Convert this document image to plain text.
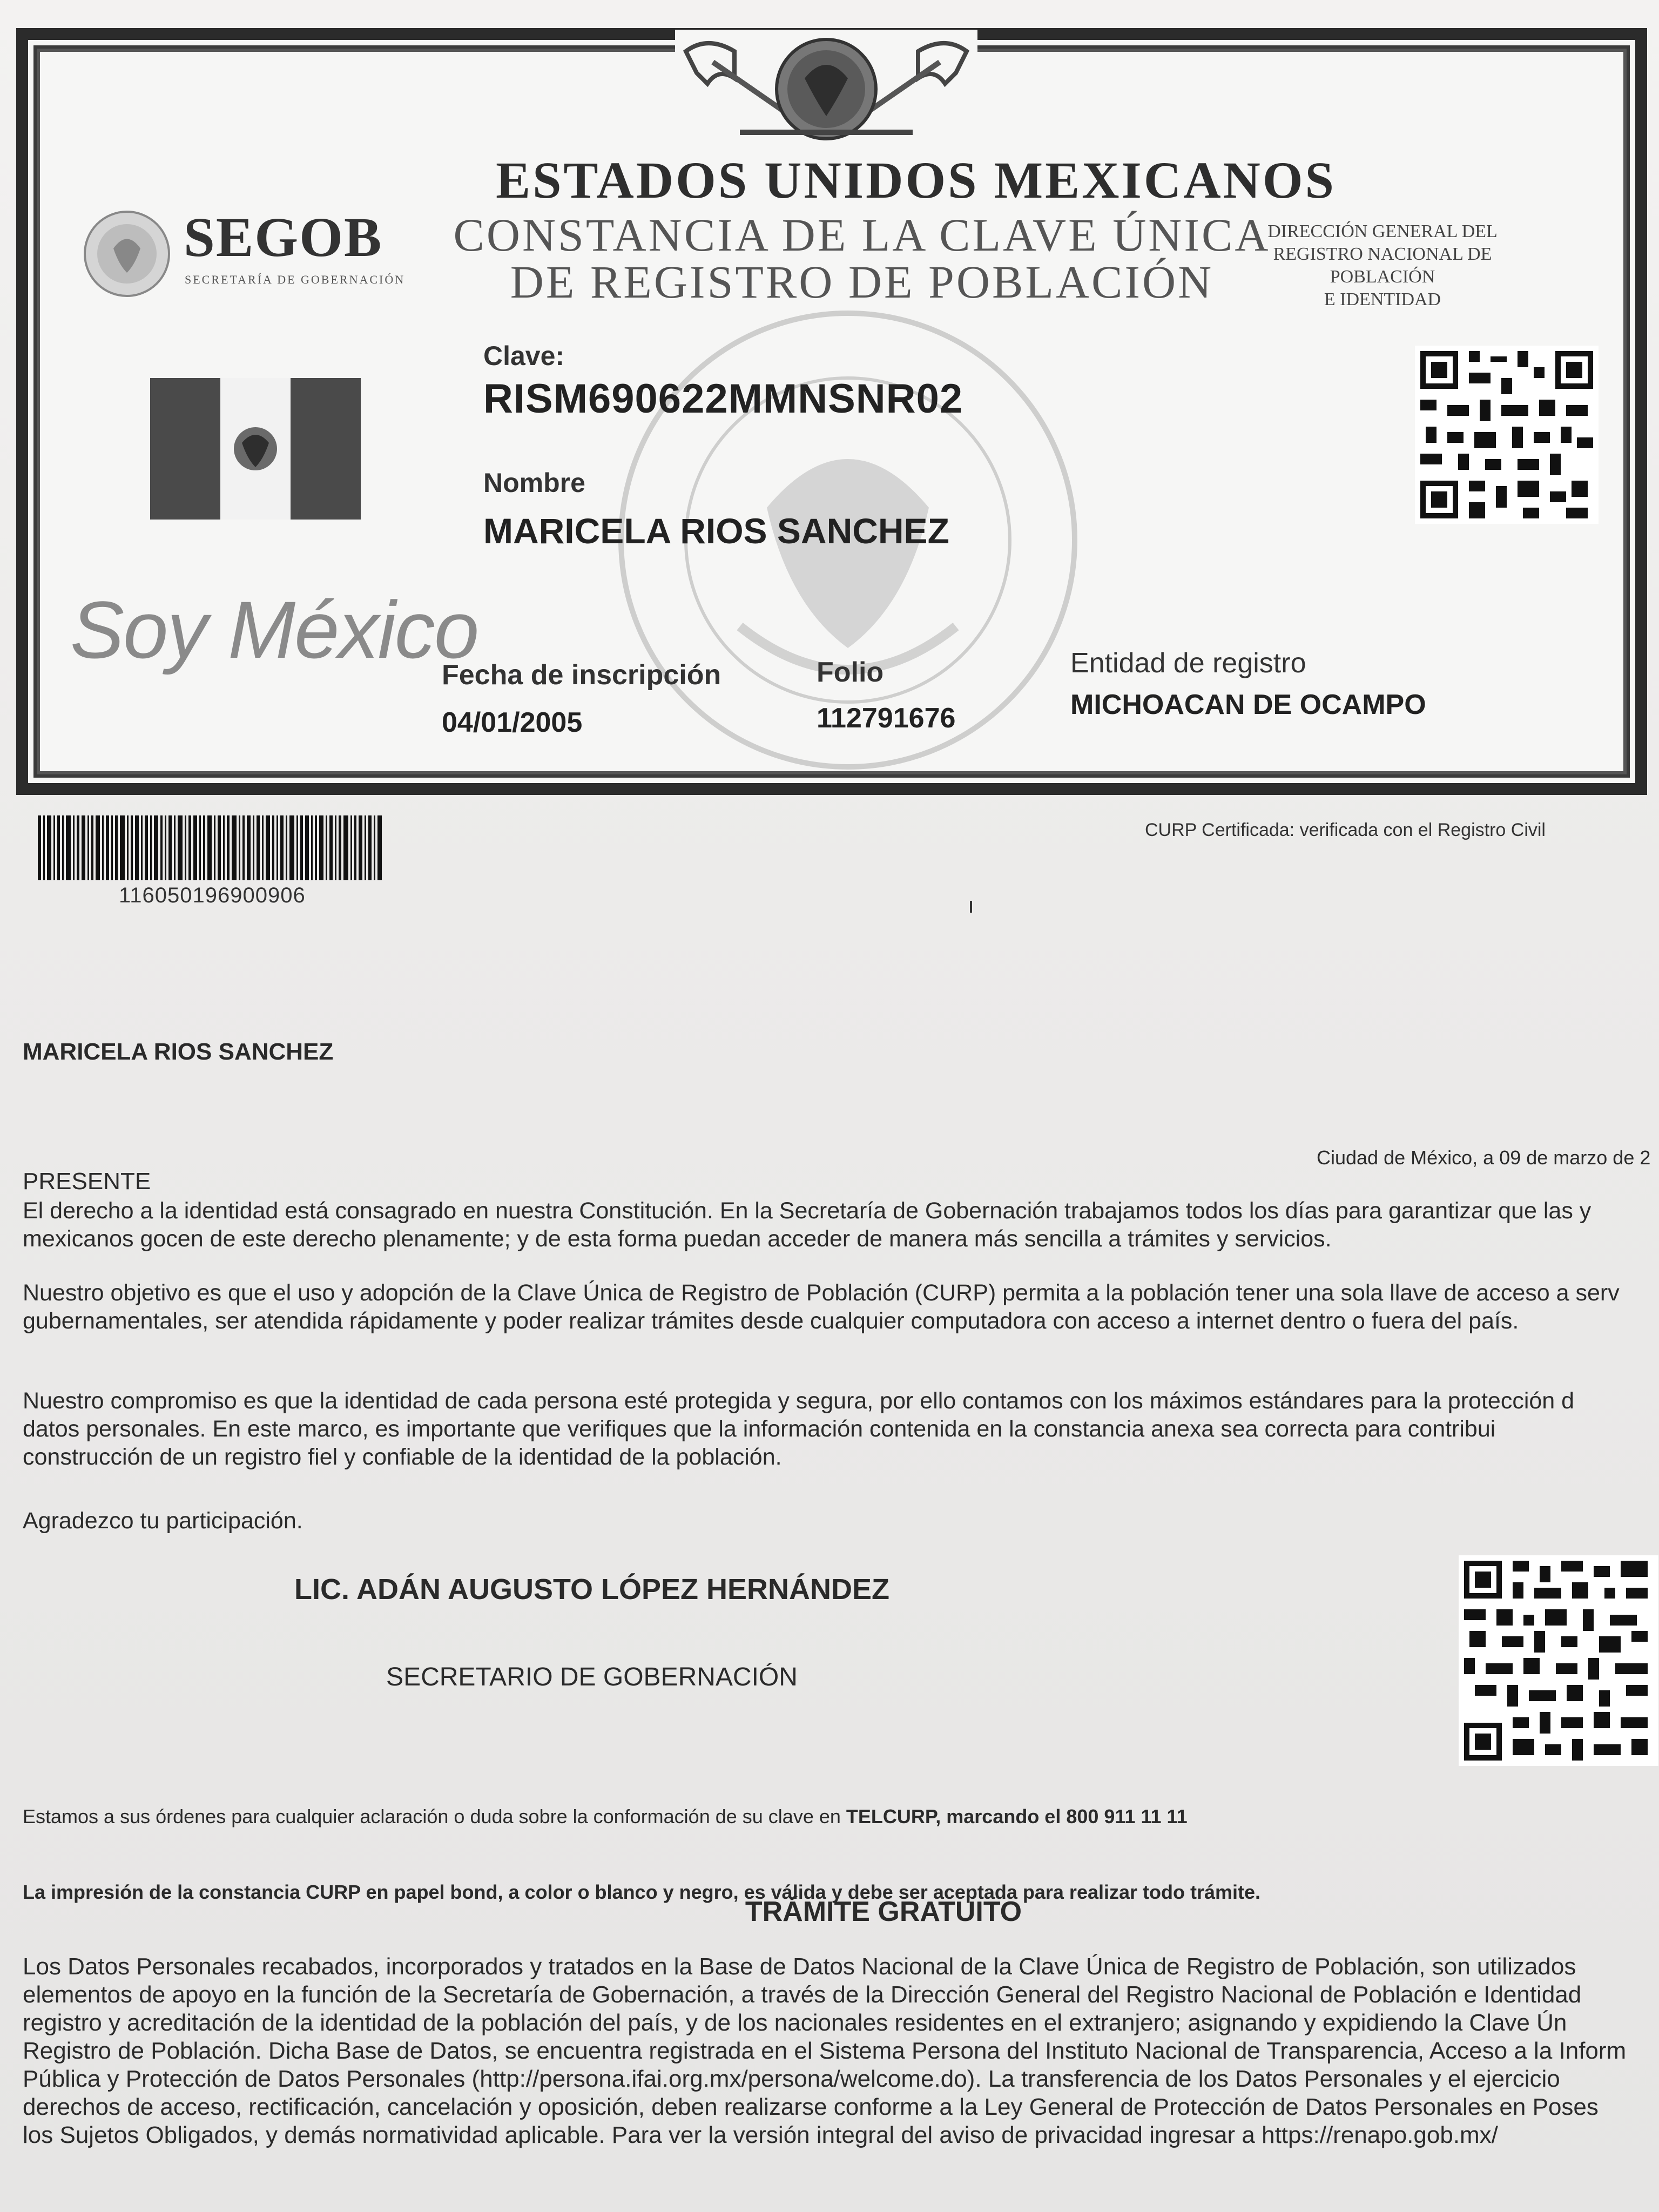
ESTADOS UNIDOS MEXICANOS
CONSTANCIA DE LA CLAVE ÚNICA
DE REGISTRO DE POBLACIÓN
SEGOB
SECRETARÍA DE GOBERNACIÓN
DIRECCIÓN GENERAL DEL
REGISTRO NACIONAL DE POBLACIÓN
E IDENTIDAD
Soy México
Clave:
RISM690622MMNSNR02
Nombre
MARICELA RIOS SANCHEZ
Fecha de inscripción
04/01/2005
Folio
112791676
Entidad de registro
MICHOACAN DE OCAMPO
116050196900906
CURP Certificada: verificada con el Registro Civil
MARICELA RIOS SANCHEZ
Ciudad de México, a 09 de marzo de 2
PRESENTE
El derecho a la identidad está consagrado en nuestra Constitución. En la Secretaría de Gobernación trabajamos todos los días para garantizar que las y
mexicanos gocen de este derecho plenamente; y de esta forma puedan acceder de manera más sencilla a trámites y servicios.
Nuestro objetivo es que el uso y adopción de la Clave Única de Registro de Población (CURP) permita a la población tener una sola llave de acceso a serv
gubernamentales, ser atendida rápidamente y poder realizar trámites desde cualquier computadora con acceso a internet dentro o fuera del país.
Nuestro compromiso es que la identidad de cada persona esté protegida y segura, por ello contamos con los máximos estándares para la protección d
datos personales. En este marco, es importante que verifiques que la información contenida en la constancia anexa sea correcta para contribui
construcción de un registro fiel y confiable de la identidad de la población.
Agradezco tu participación.
LIC. ADÁN AUGUSTO LÓPEZ HERNÁNDEZ
SECRETARIO DE GOBERNACIÓN
Estamos a sus órdenes para cualquier aclaración o duda sobre la conformación de su clave en TELCURP, marcando el 800 911 11 11
La impresión de la constancia CURP en papel bond, a color o blanco y negro, es válida y debe ser aceptada para realizar todo trámite.
TRÁMITE GRATUITO
Los Datos Personales recabados, incorporados y tratados en la Base de Datos Nacional de la Clave Única de Registro de Población, son utilizados
elementos de apoyo en la función de la Secretaría de Gobernación, a través de la Dirección General del Registro Nacional de Población e Identidad
registro y acreditación de la identidad de la población del país, y de los nacionales residentes en el extranjero; asignando y expidiendo la Clave Ún
Registro de Población. Dicha Base de Datos, se encuentra registrada en el Sistema Persona del Instituto Nacional de Transparencia, Acceso a la Inform
Pública y Protección de Datos Personales (http://persona.ifai.org.mx/persona/welcome.do). La transferencia de los Datos Personales y el ejercicio
derechos de acceso, rectificación, cancelación y oposición, deben realizarse conforme a la Ley General de Protección de Datos Personales en Poses
los Sujetos Obligados, y demás normatividad aplicable. Para ver la versión integral del aviso de privacidad ingresar a https://renapo.gob.mx/
